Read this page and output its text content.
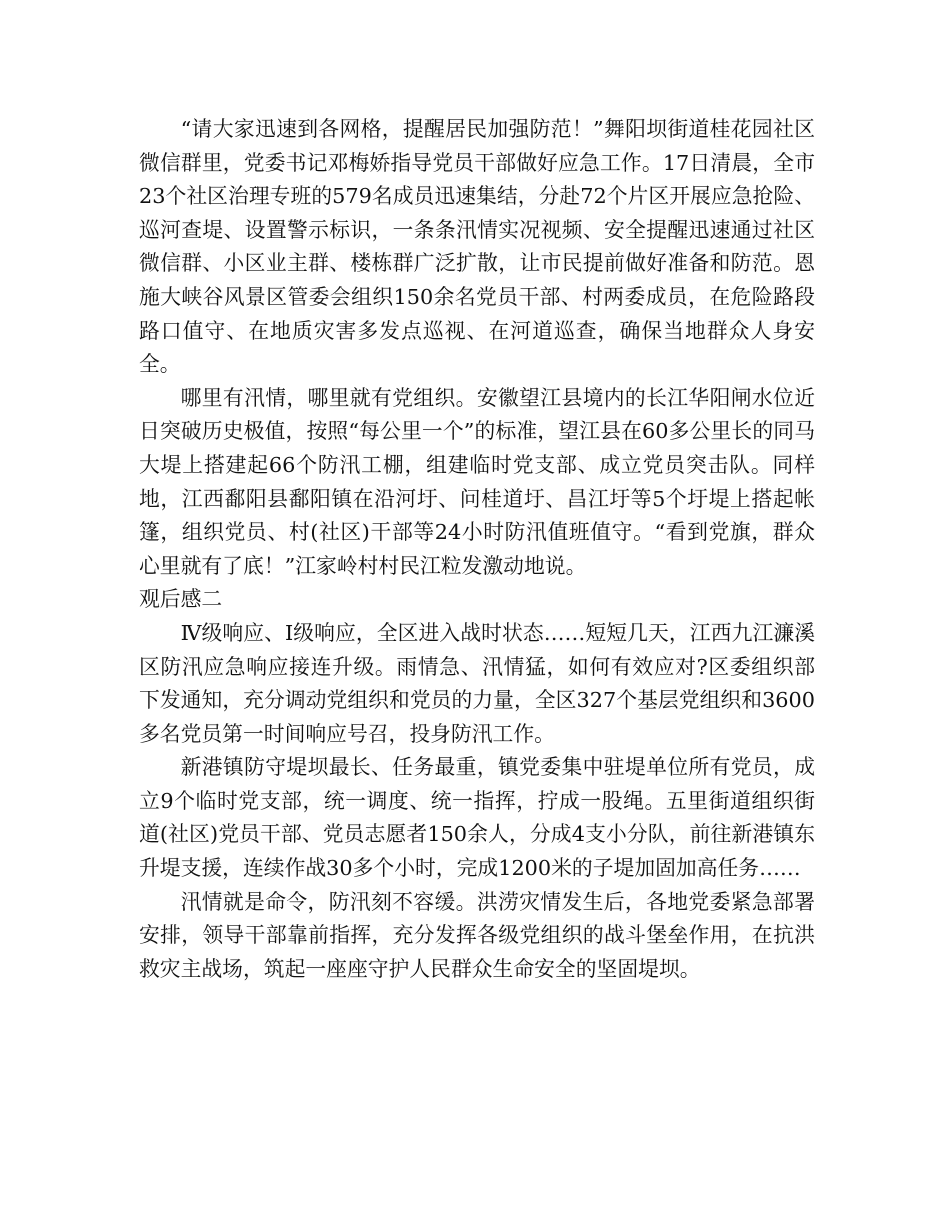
“请大家迅速到各网格，提醒居民加强防范！”舞阳坝街道桂花园社区微信群里，党委书记邓梅娇指导党员干部做好应急工作。17日清晨，全市23个社区治理专班的579名成员迅速集结，分赴72个片区开展应急抢险、巡河查堤、设置警示标识，一条条汛情实况视频、安全提醒迅速通过社区微信群、小区业主群、楼栋群广泛扩散，让市民提前做好准备和防范。恩施大峡谷风景区管委会组织150余名党员干部、村两委成员，在危险路段路口值守、在地质灾害多发点巡视、在河道巡查，确保当地群众人身安全。

哪里有汛情，哪里就有党组织。安徽望江县境内的长江华阳闸水位近日突破历史极值，按照“每公里一个”的标准，望江县在60多公里长的同马大堤上搭建起66个防汛工棚，组建临时党支部、成立党员突击队。同样地，江西鄱阳县鄱阳镇在沿河圩、问桂道圩、昌江圩等5个圩堤上搭起帐篷，组织党员、村(社区)干部等24小时防汛值班值守。“看到党旗，群众心里就有了底！”江家岭村村民江粒发激动地说。

观后感二

Ⅳ级响应、Ⅰ级响应，全区进入战时状态……短短几天，江西九江濂溪区防汛应急响应接连升级。雨情急、汛情猛，如何有效应对?区委组织部下发通知，充分调动党组织和党员的力量，全区327个基层党组织和3600多名党员第一时间响应号召，投身防汛工作。

新港镇防守堤坝最长、任务最重，镇党委集中驻堤单位所有党员，成立9个临时党支部，统一调度、统一指挥，拧成一股绳。五里街道组织街道(社区)党员干部、党员志愿者150余人，分成4支小分队，前往新港镇东升堤支援，连续作战30多个小时，完成1200米的子堤加固加高任务……

汛情就是命令，防汛刻不容缓。洪涝灾情发生后，各地党委紧急部署安排，领导干部靠前指挥，充分发挥各级党组织的战斗堡垒作用，在抗洪救灾主战场，筑起一座座守护人民群众生命安全的坚固堤坝。
